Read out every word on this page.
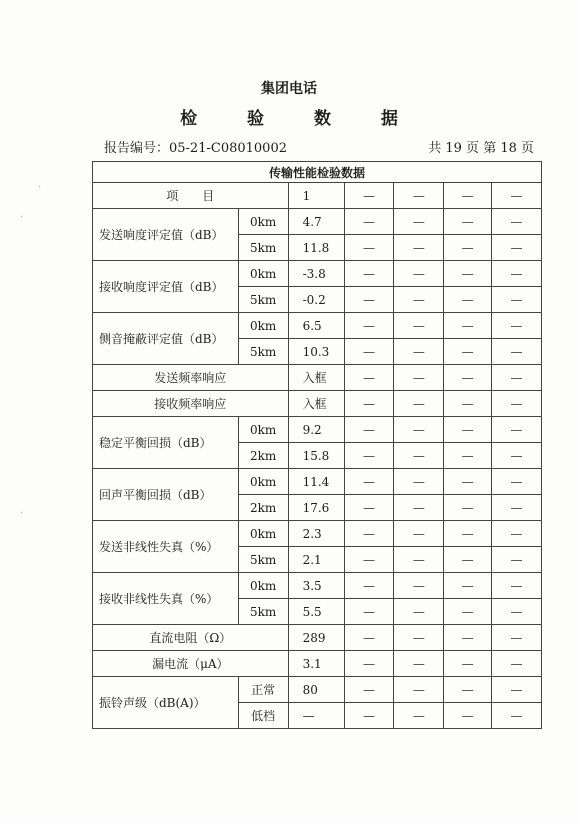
集团电话
检 验 数 据
报告编号：05-21-C08010002	共 19 页 第 18 页
·
·
·
传输性能检验数据						
项　　目		1	—	—	—	—
发送响度评定值（dB）	0km	4.7	—	—	—	—
	5km	11.8	—	—	—	—
接收响度评定值（dB）	0km	-3.8	—	—	—	—
	5km	-0.2	—	—	—	—
侧音掩蔽评定值（dB）	0km	6.5	—	—	—	—
	5km	10.3	—	—	—	—
发送频率响应		入框	—	—	—	—
接收频率响应		入框	—	—	—	—
稳定平衡回损（dB）	0km	9.2	—	—	—	—
	2km	15.8	—	—	—	—
回声平衡回损（dB）	0km	11.4	—	—	—	—
	2km	17.6	—	—	—	—
发送非线性失真（%）	0km	2.3	—	—	—	—
	5km	2.1	—	—	—	—
接收非线性失真（%）	0km	3.5	—	—	—	—
	5km	5.5	—	—	—	—
直流电阻（Ω）		289	—	—	—	—
漏电流（μA）		3.1	—	—	—	—
振铃声级（dB(A)）	正常	80	—	—	—	—
	低档	—	—	—	—	—
